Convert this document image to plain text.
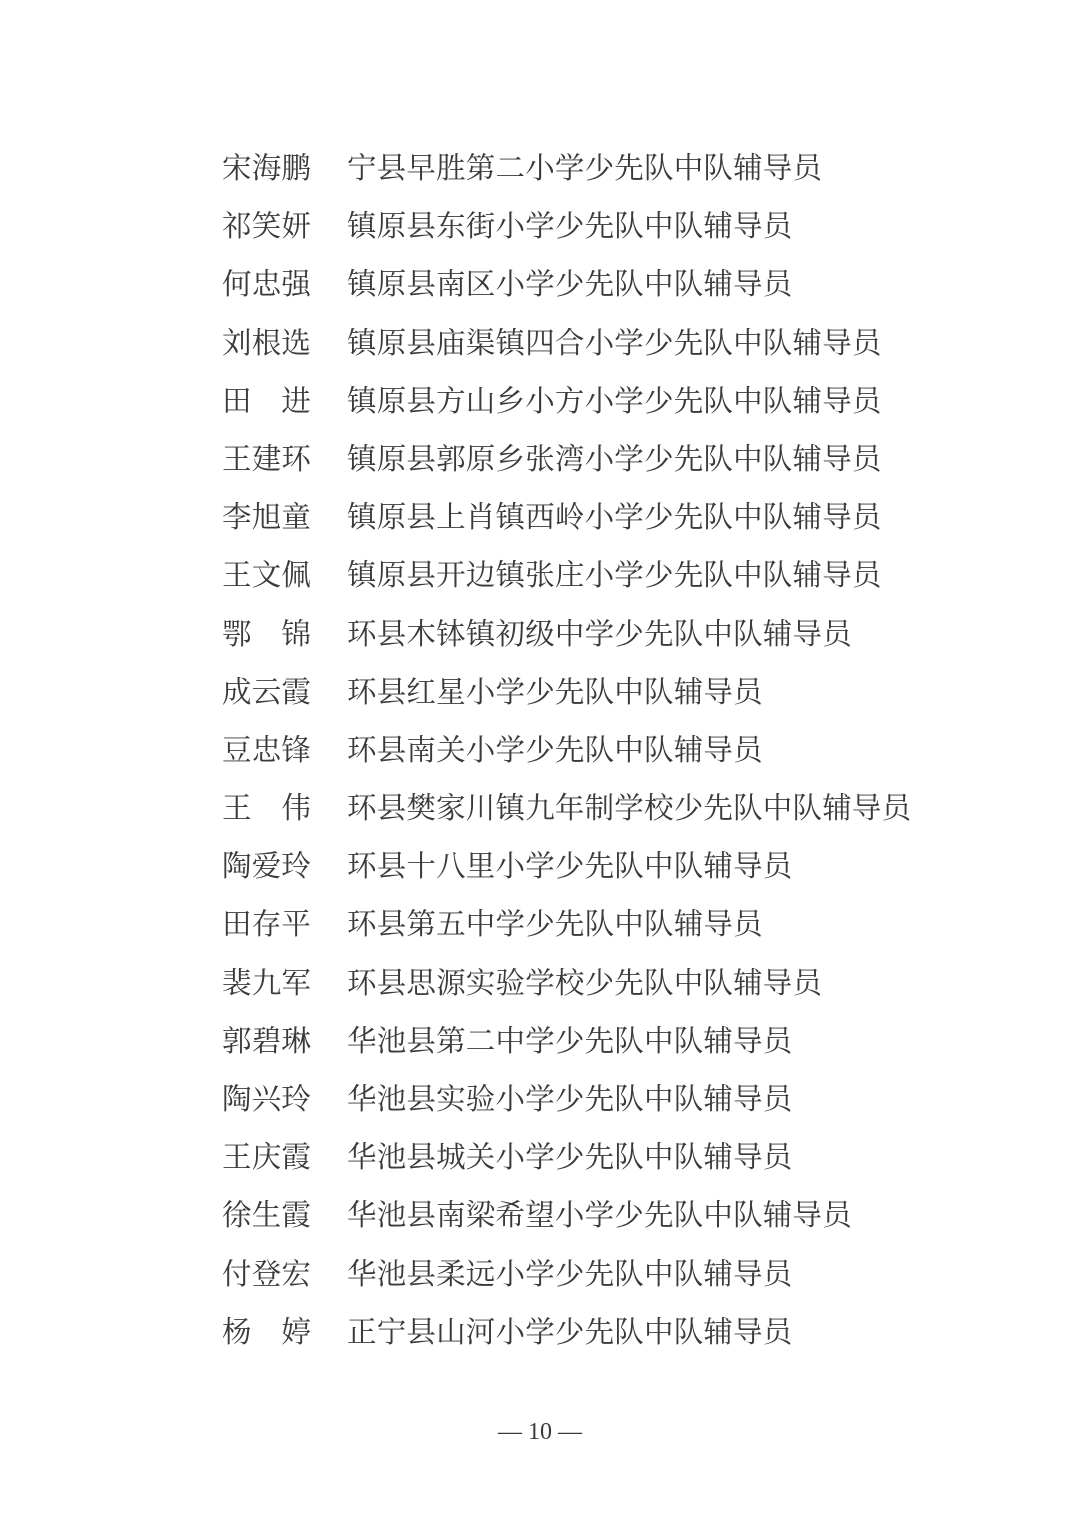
宋海鹏 宁县早胜第二小学少先队中队辅导员
祁笑妍 镇原县东街小学少先队中队辅导员
何忠强 镇原县南区小学少先队中队辅导员
刘根选 镇原县庙渠镇四合小学少先队中队辅导员
田　进 镇原县方山乡小方小学少先队中队辅导员
王建环 镇原县郭原乡张湾小学少先队中队辅导员
李旭童 镇原县上肖镇西岭小学少先队中队辅导员
王文佩 镇原县开边镇张庄小学少先队中队辅导员
鄂　锦 环县木钵镇初级中学少先队中队辅导员
成云霞 环县红星小学少先队中队辅导员
豆忠锋 环县南关小学少先队中队辅导员
王　伟 环县樊家川镇九年制学校少先队中队辅导员
陶爱玲 环县十八里小学少先队中队辅导员
田存平 环县第五中学少先队中队辅导员
裴九军 环县思源实验学校少先队中队辅导员
郭碧琳 华池县第二中学少先队中队辅导员
陶兴玲 华池县实验小学少先队中队辅导员
王庆霞 华池县城关小学少先队中队辅导员
徐生霞 华池县南梁希望小学少先队中队辅导员
付登宏 华池县柔远小学少先队中队辅导员
杨　婷 正宁县山河小学少先队中队辅导员
— 10 —
